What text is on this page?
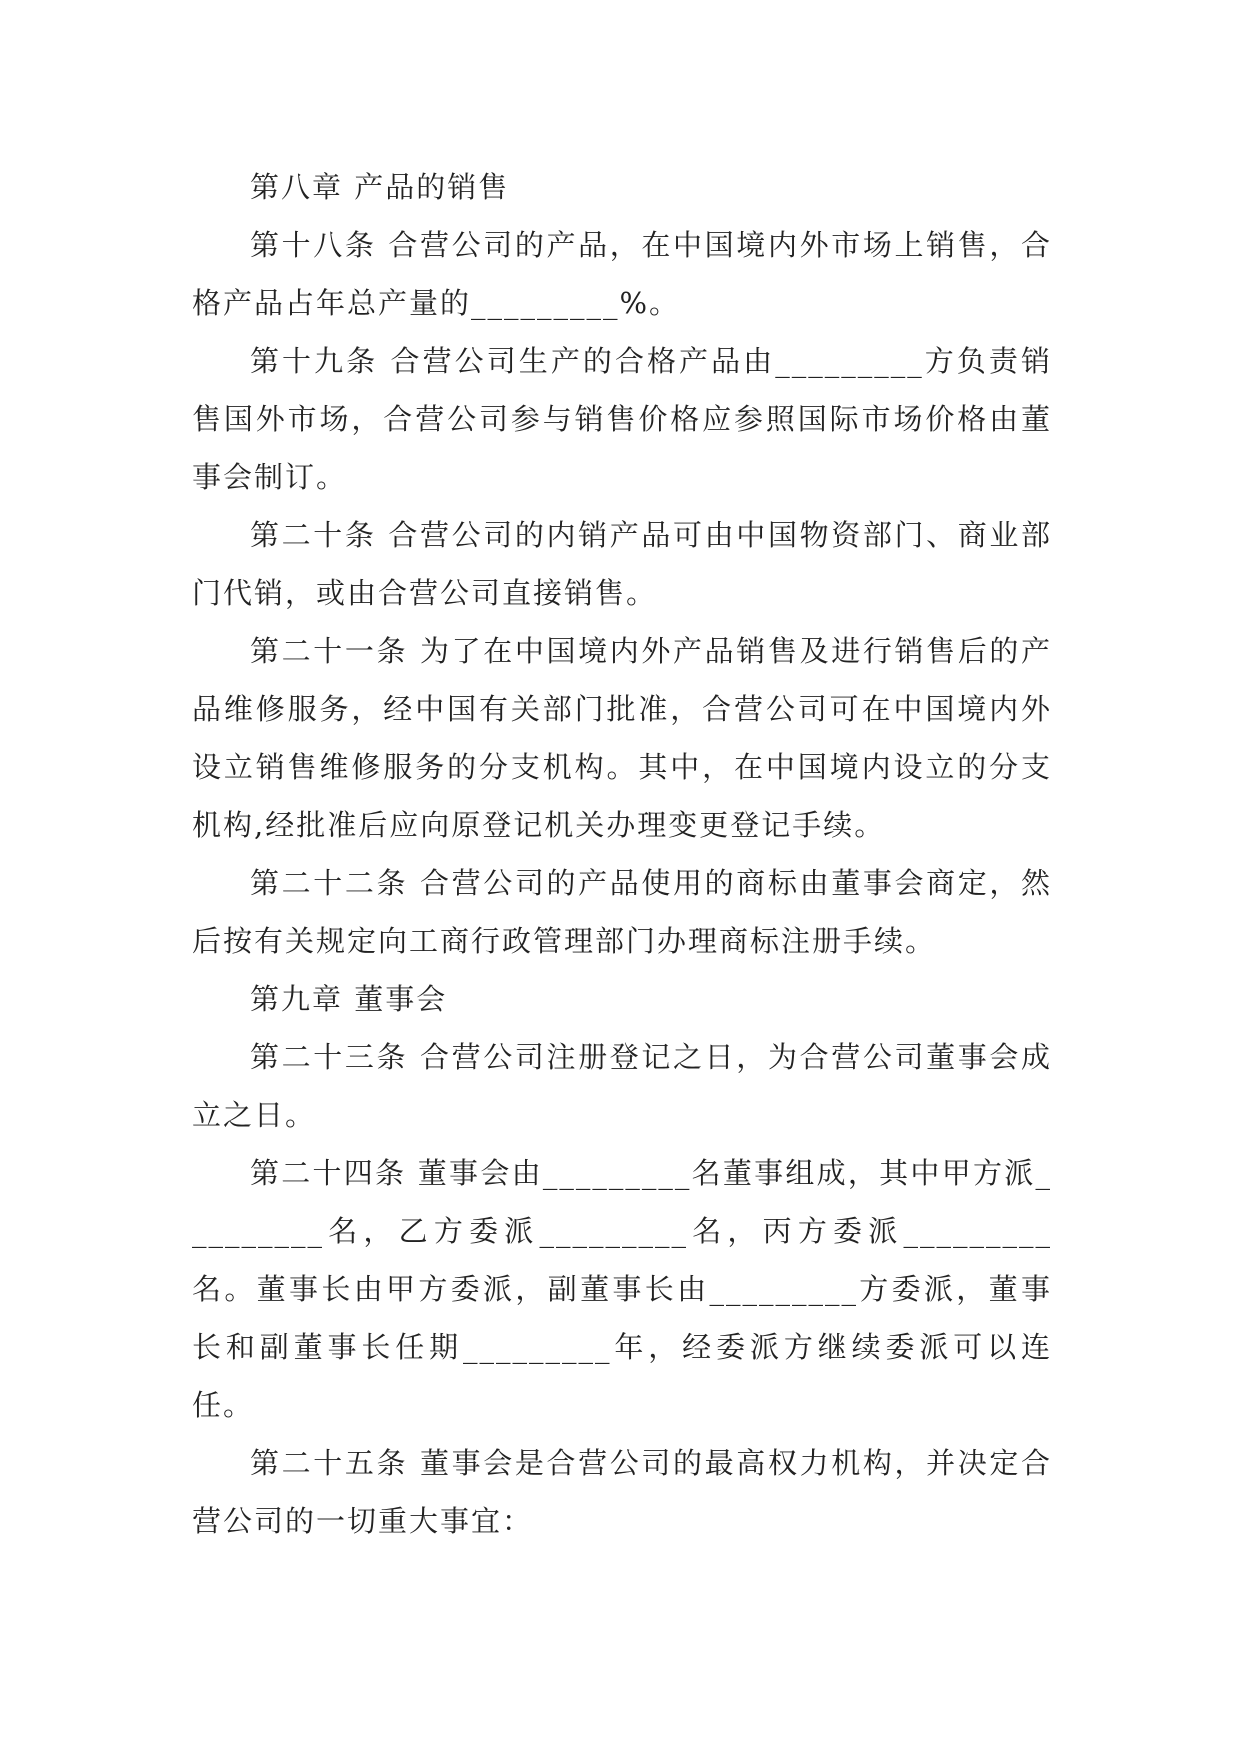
第八章 产品的销售

第十八条 合营公司的产品，在中国境内外市场上销售，合格产品占年总产量的_________%。

第十九条 合营公司生产的合格产品由_________方负责销售国外市场，合营公司参与销售价格应参照国际市场价格由董事会制订。

第二十条 合营公司的内销产品可由中国物资部门、商业部门代销，或由合营公司直接销售。

第二十一条 为了在中国境内外产品销售及进行销售后的产品维修服务，经中国有关部门批准，合营公司可在中国境内外设立销售维修服务的分支机构。其中，在中国境内设立的分支机构,经批准后应向原登记机关办理变更登记手续。

第二十二条 合营公司的产品使用的商标由董事会商定，然后按有关规定向工商行政管理部门办理商标注册手续。

第九章 董事会

第二十三条 合营公司注册登记之日，为合营公司董事会成立之日。

第二十四条 董事会由_________名董事组成，其中甲方派_________名，乙方委派_________名，丙方委派_________名。董事长由甲方委派，副董事长由_________方委派，董事长和副董事长任期_________年，经委派方继续委派可以连任。

第二十五条 董事会是合营公司的最高权力机构，并决定合营公司的一切重大事宜：
